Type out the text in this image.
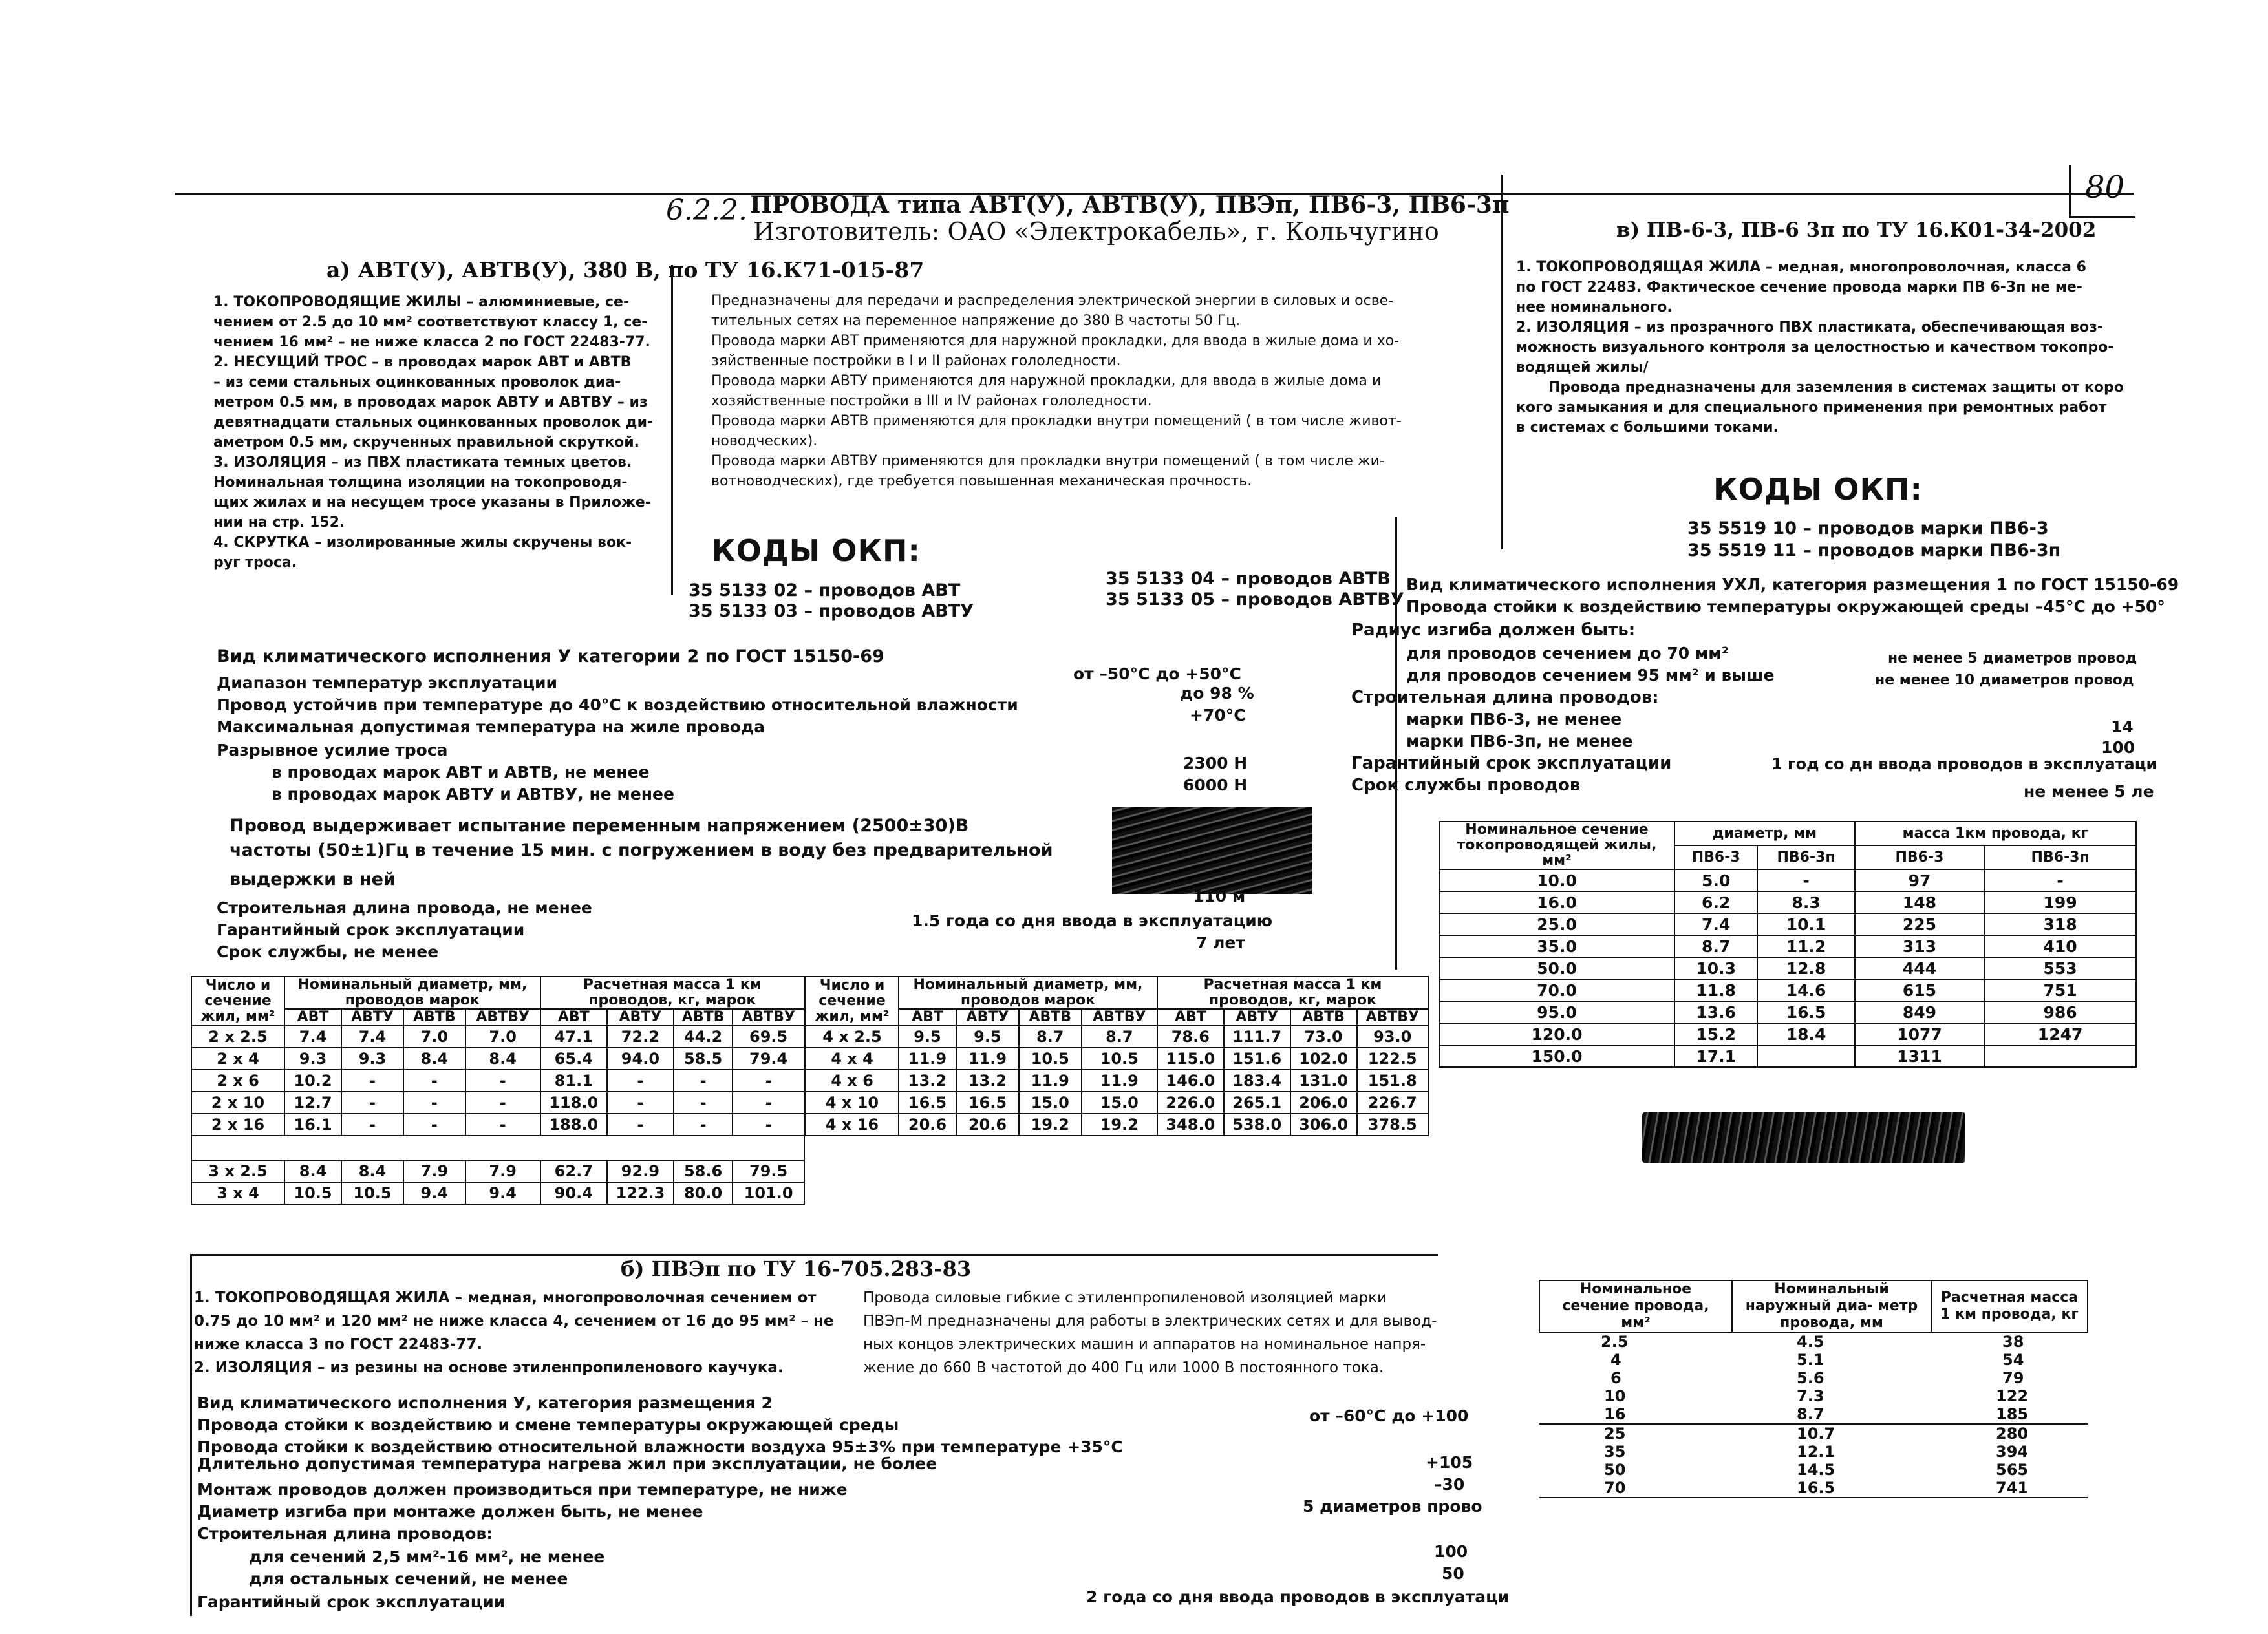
80
6.2.2. ПРОВОДА типа АВТ(У), АВТВ(У), ПВЭп, ПВ6-3, ПВ6-3п
Изготовитель: ОАО «Электрокабель», г. Кольчугино
а) АВТ(У), АВТВ(У), 380 В, по ТУ 16.К71-015-87
1. ТОКОПРОВОДЯЩИЕ ЖИЛЫ – алюминиевые, се-
чением от 2.5 до 10 мм² соответствуют классу 1, се-
чением 16 мм² – не ниже класса 2 по ГОСТ 22483-77.
2. НЕСУЩИЙ ТРОС – в проводах марок АВТ и АВТВ
– из семи стальных оцинкованных проволок диа-
метром 0.5 мм, в проводах марок АВТУ и АВТВУ – из
девятнадцати стальных оцинкованных проволок ди-
аметром 0.5 мм, скрученных правильной скруткой.
3. ИЗОЛЯЦИЯ – из ПВХ пластиката темных цветов.
Номинальная толщина изоляции на токопроводя-
щих жилах и на несущем тросе указаны в Приложе-
нии на стр. 152.
4. СКРУТКА – изолированные жилы скручены вок-
руг троса.
Предназначены для передачи и распределения электрической энергии в силовых и осве-
тительных сетях на переменное напряжение до 380 В частоты 50 Гц.
Провода марки АВТ применяются для наружной прокладки, для ввода в жилые дома и хо-
зяйственные постройки в I и II районах гололедности.
Провода марки АВТУ применяются для наружной прокладки, для ввода в жилые дома и
хозяйственные постройки в III и IV районах гололедности.
Провода марки АВТВ применяются для прокладки внутри помещений ( в том числе живот-
новодческих).
Провода марки АВТВУ применяются для прокладки внутри помещений ( в том числе жи-
вотноводческих), где требуется повышенная механическая прочность.
КОДЫ ОКП:
35 5133 02 – проводов АВТ
35 5133 03 – проводов АВТУ
35 5133 04 – проводов АВТВ
35 5133 05 – проводов АВТВУ
Вид климатического исполнения У категории 2 по ГОСТ 15150-69
Диапазон температур эксплуатации	от –50°С до +50°С
Провод устойчив при температуре до 40°С к воздействию относительной влажности
до 98 %
Максимальная допустимая температура на жиле провода
+70°С
Разрывное усилие троса
в проводах марок АВТ и АВТВ, не менее	2300 Н
в проводах марок АВТУ и АВТВУ, не менее	6000 Н
Провод выдерживает испытание переменным напряжением (2500±30)В
частоты (50±1)Гц в течение 15 мин. с погружением в воду без предварительной
выдержки в ней
Строительная длина провода, не менее
110 м
Гарантийный срок эксплуатации	1.5 года со дня ввода в эксплуатацию
Срок службы, не менее	7 лет
Число и сечение жил, мм²	Номинальный диаметр, мм, проводов марок				Расчетная масса 1 км проводов, кг, марок			
	АВТ	АВТУ	АВТВ	АВТВУ	АВТ	АВТУ	АВТВ	АВТВУ
2 x 2.5	7.4	7.4	7.0	7.0	47.1	72.2	44.2	69.5
2 x 4	9.3	9.3	8.4	8.4	65.4	94.0	58.5	79.4
2 x 6	10.2	-	-	-	81.1	-	-	-
2 x 10	12.7	-	-	-	118.0	-	-	-
2 x 16	16.1	-	-	-	188.0	-	-	-

3 x 2.5	8.4	8.4	7.9	7.9	62.7	92.9	58.6	79.5
3 x 4	10.5	10.5	9.4	9.4	90.4	122.3	80.0	101.0
Число и сечение жил, мм²	Номинальный диаметр, мм, проводов марок				Расчетная масса 1 км проводов, кг, марок			
	АВТ	АВТУ	АВТВ	АВТВУ	АВТ	АВТУ	АВТВ	АВТВУ
4 x 2.5	9.5	9.5	8.7	8.7	78.6	111.7	73.0	93.0
4 x 4	11.9	11.9	10.5	10.5	115.0	151.6	102.0	122.5
4 x 6	13.2	13.2	11.9	11.9	146.0	183.4	131.0	151.8
4 x 10	16.5	16.5	15.0	15.0	226.0	265.1	206.0	226.7
4 x 16	20.6	20.6	19.2	19.2	348.0	538.0	306.0	378.5
б) ПВЭп по ТУ 16-705.283-83
1. ТОКОПРОВОДЯЩАЯ ЖИЛА – медная, многопроволочная сечением от
0.75 до 10 мм² и 120 мм² не ниже класса 4, сечением от 16 до 95 мм² – не
ниже класса 3 по ГОСТ 22483-77.
2. ИЗОЛЯЦИЯ – из резины на основе этиленпропиленового каучука.
Провода силовые гибкие с этиленпропиленовой изоляцией марки
ПВЭп-М предназначены для работы в электрических сетях и для вывод-
ных концов электрических машин и аппаратов на номинальное напря-
жение до 660 В частотой до 400 Гц или 1000 В постоянного тока.
Вид климатического исполнения У, категория размещения 2
Провода стойки к воздействию и смене температуры окружающей среды	от –60°С до +100
Провода стойки к воздействию относительной влажности воздуха 95±3% при температуре +35°С
Длительно допустимая температура нагрева жил при эксплуатации, не более	+105
Монтаж проводов должен производиться при температуре, не ниже	–30
Диаметр изгиба при монтаже должен быть, не менее	5 диаметров прово
Строительная длина проводов:
для сечений 2,5 мм²-16 мм², не менее	100
для остальных сечений, не менее	50
Гарантийный срок эксплуатации	2 года со дня ввода проводов в эксплуатаци
Номинальное сечение провода, мм²	Номинальный наружный диа- метр провода, мм	Расчетная масса 1 км провода, кг
2.5	4.5	38
4	5.1	54
6	5.6	79
10	7.3	122
16	8.7	185
25	10.7	280
35	12.1	394
50	14.5	565
70	16.5	741
в) ПВ-6-3, ПВ-6 3п по ТУ 16.К01-34-2002
1. ТОКОПРОВОДЯЩАЯ ЖИЛА – медная, многопроволочная, класса 6
по ГОСТ 22483. Фактическое сечение провода марки ПВ 6-3п не ме-
нее номинального.
2. ИЗОЛЯЦИЯ – из прозрачного ПВХ пластиката, обеспечивающая воз-
можность визуального контроля за целостностью и качеством токопро-
водящей жилы/
Провода предназначены для заземления в системах защиты от коро
кого замыкания и для специального применения при ремонтных работ
в системах с большими токами.
КОДЫ ОКП:
35 5519 10 – проводов марки ПВ6-3
35 5519 11 – проводов марки ПВ6-3п
Вид климатического исполнения УХЛ, категория размещения 1 по ГОСТ 15150-69
Провода стойки к воздействию температуры окружающей среды –45°С до +50°
Радиус изгиба должен быть:
для проводов сечением до 70 мм²	не менее 5 диаметров провод
для проводов сечением 95 мм² и выше	не менее 10 диаметров провод
Строительная длина проводов:
марки ПВ6-3, не менее	14
марки ПВ6-3п, не менее	100
Гарантийный срок эксплуатации	1 год со дн ввода проводов в эксплуатаци
Срок службы проводов	не менее 5 ле
Номинальное сечение токопроводящей жилы, мм²	диаметр, мм		масса 1км провода, кг	
	ПВ6-3	ПВ6-3п	ПВ6-3	ПВ6-3п
10.0	5.0	-	97	-
16.0	6.2	8.3	148	199
25.0	7.4	10.1	225	318
35.0	8.7	11.2	313	410
50.0	10.3	12.8	444	553
70.0	11.8	14.6	615	751
95.0	13.6	16.5	849	986
120.0	15.2	18.4	1077	1247
150.0	17.1		1311	
